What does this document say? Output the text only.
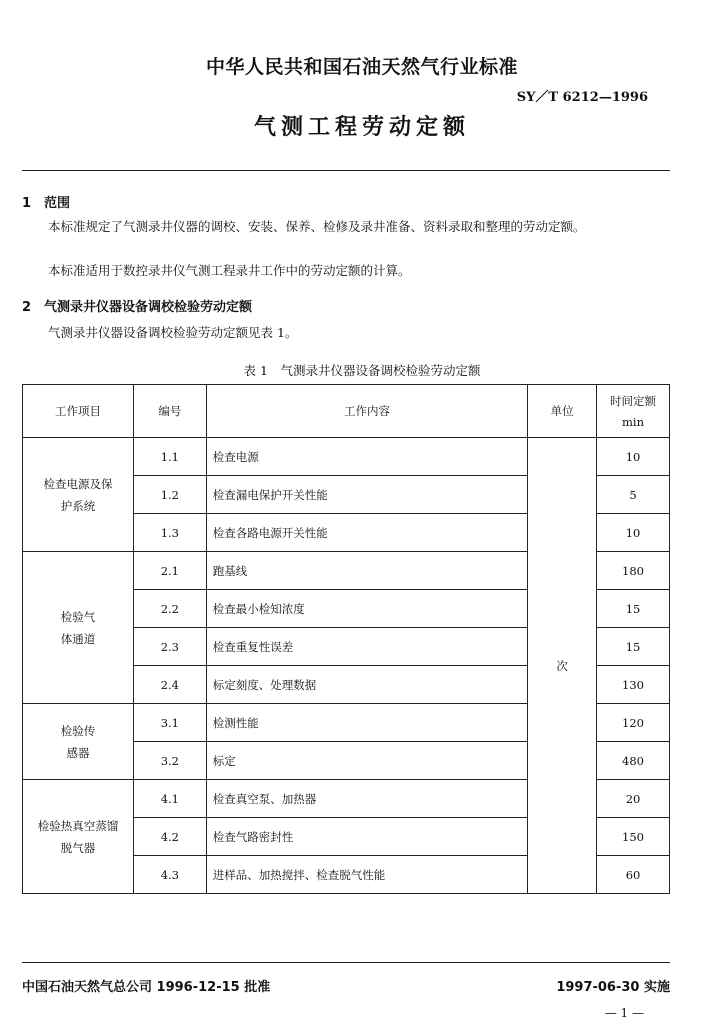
中华人民共和国石油天然气行业标准
SY／T 6212—1996
气测工程劳动定额
1　范围
本标准规定了气测录井仪器的调校、安装、保养、检修及录井准备、资料录取和整理的劳动定额。
本标准适用于数控录井仪气测工程录井工作中的劳动定额的计算。
2　气测录井仪器设备调校检验劳动定额
气测录井仪器设备调校检验劳动定额见表 1。
表 1　气测录井仪器设备调校检验劳动定额
工作项目	编号	工作内容	单位	时间定额
min

检查电源及保护系统	1.1	检查电源	次	10
	1.2	检查漏电保护开关性能		5
	1.3	检查各路电源开关性能		10
检验气体通道	2.1	跑基线		180
	2.2	检查最小检知浓度		15
	2.3	检查重复性误差		15
	2.4	标定刻度、处理数据		130
检验传感器	3.1	检测性能		120
	3.2	标定		480
检验热真空蒸馏脱气器	4.1	检查真空泵、加热器		20
	4.2	检查气路密封性		150
	4.3	进样品、加热搅拌、检查脱气性能		60
中国石油天然气总公司 1996-12-15 批准	1997-06-30 实施
— 1 —
